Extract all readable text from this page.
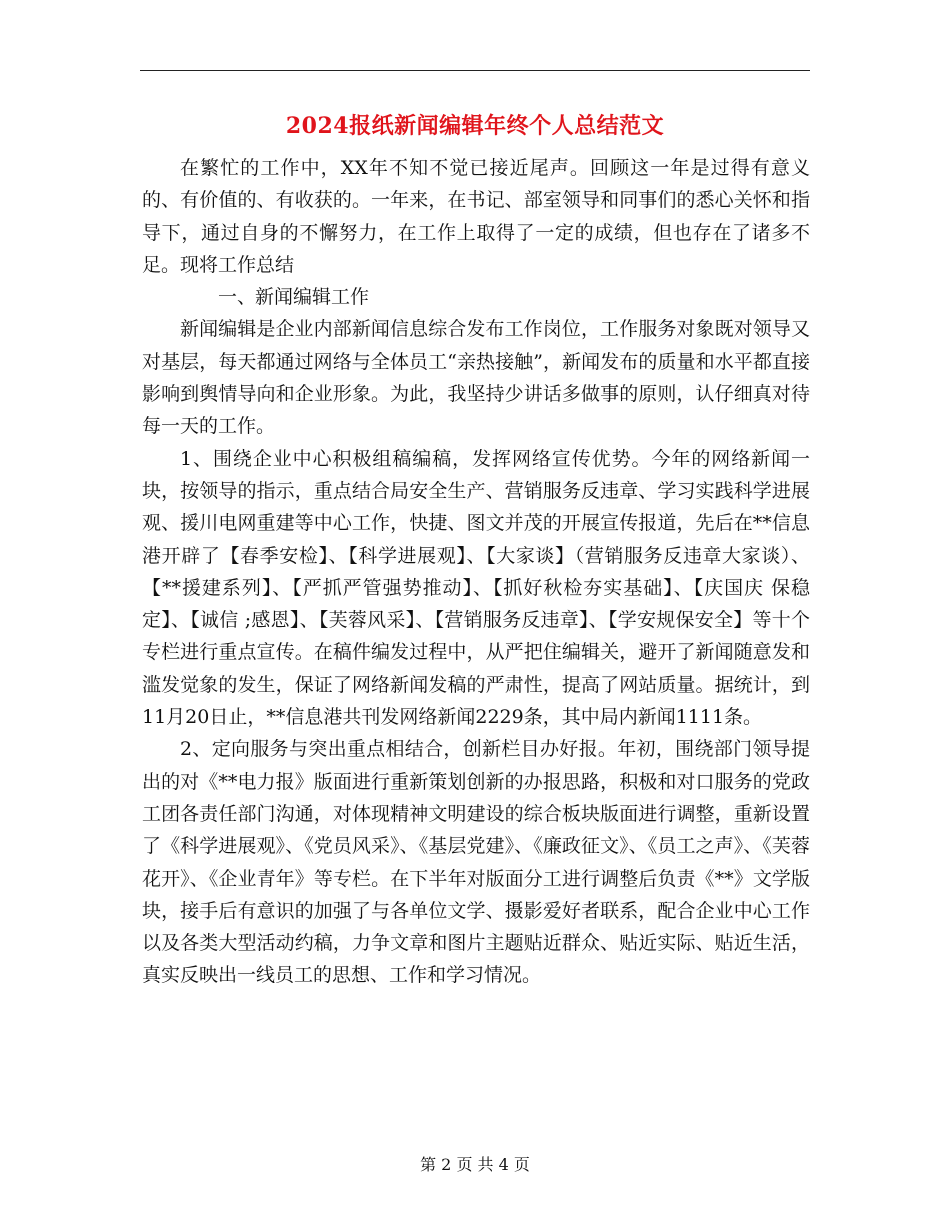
2024报纸新闻编辑年终个人总结范文

在繁忙的工作中，XX年不知不觉已接近尾声。回顾这一年是过得有意义的、有价值的、有收获的。一年来，在书记、部室领导和同事们的悉心关怀和指导下，通过自身的不懈努力，在工作上取得了一定的成绩，但也存在了诸多不足。现将工作总结

一、新闻编辑工作

新闻编辑是企业内部新闻信息综合发布工作岗位，工作服务对象既对领导又对基层，每天都通过网络与全体员工“亲热接触”，新闻发布的质量和水平都直接影响到舆情导向和企业形象。为此，我坚持少讲话多做事的原则，认仔细真对待每一天的工作。

1、围绕企业中心积极组稿编稿，发挥网络宣传优势。今年的网络新闻一块，按领导的指示，重点结合局安全生产、营销服务反违章、学习实践科学进展观、援川电网重建等中心工作，快捷、图文并茂的开展宣传报道，先后在**信息港开辟了【春季安检】、【科学进展观】、【大家谈】（营销服务反违章大家谈）、【**援建系列】、【严抓严管强势推动】、【抓好秋检夯实基础】、【庆国庆 保稳定】、【诚信 ;感恩】、【芙蓉风采】、【营销服务反违章】、【学安规保安全】等十个专栏进行重点宣传。在稿件编发过程中，从严把住编辑关，避开了新闻随意发和滥发觉象的发生，保证了网络新闻发稿的严肃性，提高了网站质量。据统计，到11月20日止，**信息港共刊发网络新闻2229条，其中局内新闻1111条。

2、定向服务与突出重点相结合，创新栏目办好报。年初，围绕部门领导提出的对《**电力报》版面进行重新策划创新的办报思路，积极和对口服务的党政工团各责任部门沟通，对体现精神文明建设的综合板块版面进行调整，重新设置了《科学进展观》、《党员风采》、《基层党建》、《廉政征文》、《员工之声》、《芙蓉花开》、《企业青年》等专栏。在下半年对版面分工进行调整后负责《**》文学版块，接手后有意识的加强了与各单位文学、摄影爱好者联系，配合企业中心工作以及各类大型活动约稿，力争文章和图片主题贴近群众、贴近实际、贴近生活，真实反映出一线员工的思想、工作和学习情况。

第 2 页 共 4 页
